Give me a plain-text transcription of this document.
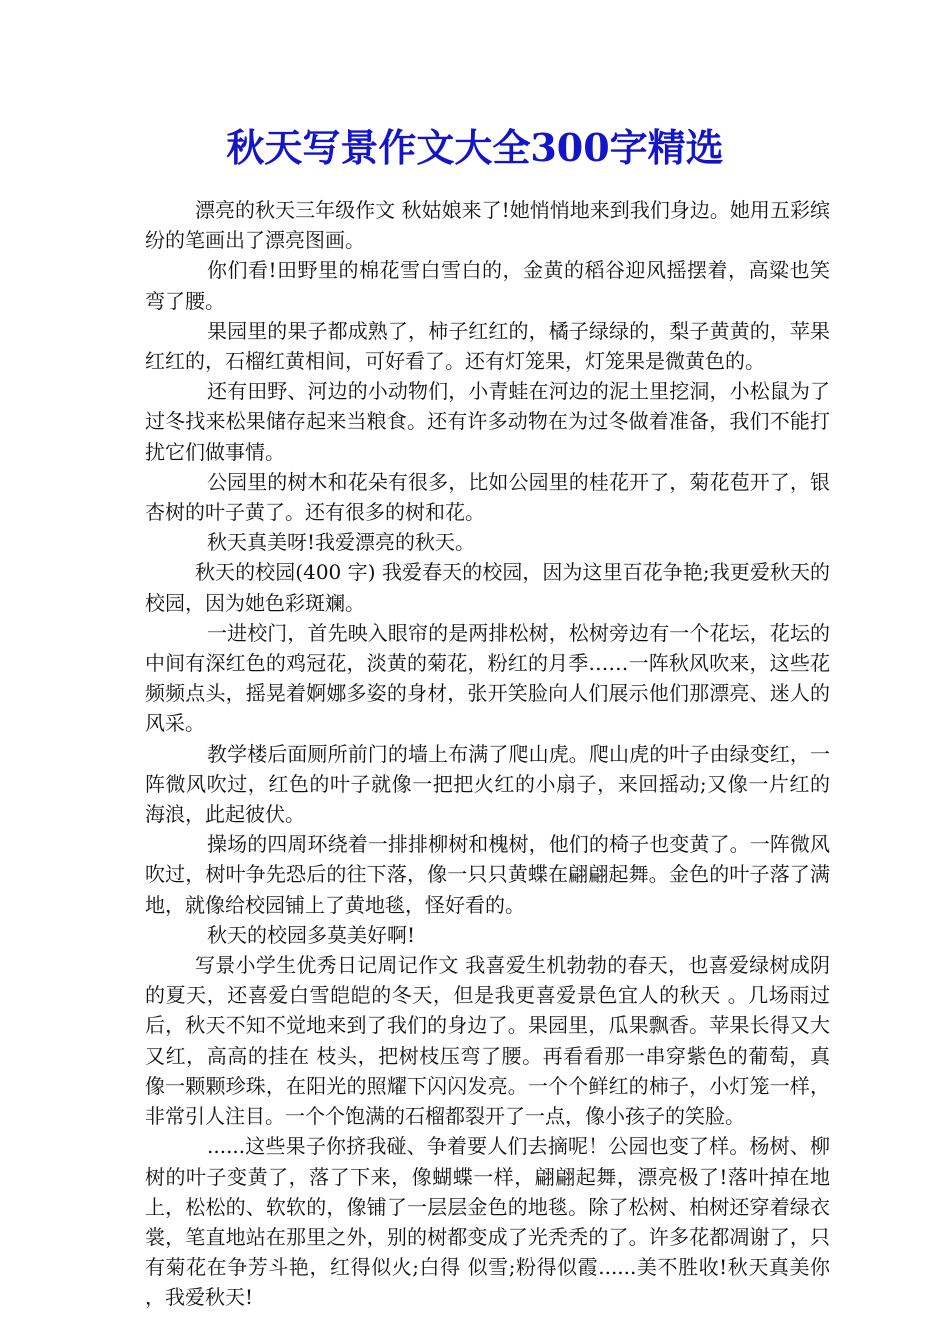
秋天写景作文大全300字精选

漂亮的秋天三年级作文 秋姑娘来了!她悄悄地来到我们身边。她用五彩缤纷的笔画出了漂亮图画。

你们看!田野里的棉花雪白雪白的，金黄的稻谷迎风摇摆着，高粱也笑弯了腰。

果园里的果子都成熟了，柿子红红的，橘子绿绿的，梨子黄黄的，苹果红红的，石榴红黄相间，可好看了。还有灯笼果，灯笼果是微黄色的。

还有田野、河边的小动物们，小青蛙在河边的泥土里挖洞，小松鼠为了过冬找来松果储存起来当粮食。还有许多动物在为过冬做着准备，我们不能打扰它们做事情。

公园里的树木和花朵有很多，比如公园里的桂花开了，菊花苞开了，银杏树的叶子黄了。还有很多的树和花。

秋天真美呀!我爱漂亮的秋天。

秋天的校园(400 字) 我爱春天的校园，因为这里百花争艳;我更爱秋天的校园，因为她色彩斑斓。

一进校门，首先映入眼帘的是两排松树，松树旁边有一个花坛，花坛的中间有深红色的鸡冠花，淡黄的菊花，粉红的月季……一阵秋风吹来，这些花频频点头，摇晃着婀娜多姿的身材，张开笑脸向人们展示他们那漂亮、迷人的风采。

教学楼后面厕所前门的墙上布满了爬山虎。爬山虎的叶子由绿变红，一阵微风吹过，红色的叶子就像一把把火红的小扇子，来回摇动;又像一片红的海浪，此起彼伏。

操场的四周环绕着一排排柳树和槐树，他们的椅子也变黄了。一阵微风吹过，树叶争先恐后的往下落，像一只只黄蝶在翩翩起舞。金色的叶子落了满地，就像给校园铺上了黄地毯，怪好看的。

秋天的校园多莫美好啊!

写景小学生优秀日记周记作文 我喜爱生机勃勃的春天，也喜爱绿树成阴的夏天，还喜爱白雪皑皑的冬天，但是我更喜爱景色宜人的秋天 。几场雨过后，秋天不知不觉地来到了我们的身边了。果园里，瓜果飘香。苹果长得又大又红，高高的挂在 枝头，把树枝压弯了腰。再看看那一串穿紫色的葡萄，真像一颗颗珍珠，在阳光的照耀下闪闪发亮。一个个鲜红的柿子，小灯笼一样，非常引人注目。一个个饱满的石榴都裂开了一点，像小孩子的笑脸。

......这些果子你挤我碰、争着要人们去摘呢！公园也变了样。杨树、柳树的叶子变黄了，落了下来，像蝴蝶一样，翩翩起舞，漂亮极了!落叶掉在地上，松松的、软软的，像铺了一层层金色的地毯。除了松树、柏树还穿着绿衣裳，笔直地站在那里之外，别的树都变成了光秃秃的了。许多花都凋谢了，只有菊花在争芳斗艳，红得似火;白得 似雪;粉得似霞......美不胜收!秋天真美你，我爱秋天!
